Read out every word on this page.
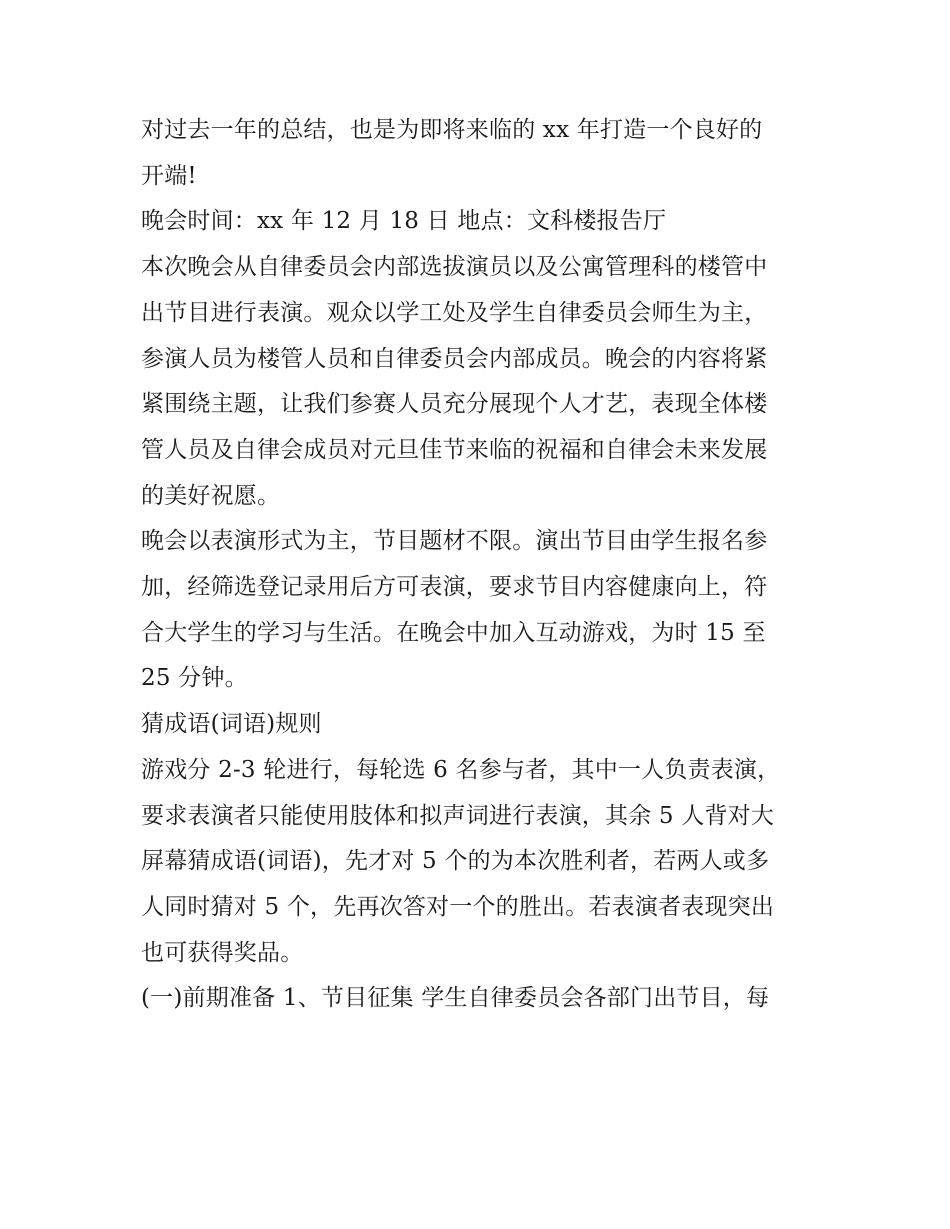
对过去一年的总结，也是为即将来临的 xx 年打造一个良好的

开端!

晚会时间：xx 年 12 月 18 日 地点：文科楼报告厅

本次晚会从自律委员会内部选拔演员以及公寓管理科的楼管中

出节目进行表演。观众以学工处及学生自律委员会师生为主，

参演人员为楼管人员和自律委员会内部成员。晚会的内容将紧

紧围绕主题，让我们参赛人员充分展现个人才艺，表现全体楼

管人员及自律会成员对元旦佳节来临的祝福和自律会未来发展

的美好祝愿。

晚会以表演形式为主，节目题材不限。演出节目由学生报名参

加，经筛选登记录用后方可表演，要求节目内容健康向上，符

合大学生的学习与生活。在晚会中加入互动游戏，为时 15 至

25 分钟。

猜成语(词语)规则

游戏分 2-3 轮进行，每轮选 6 名参与者，其中一人负责表演，

要求表演者只能使用肢体和拟声词进行表演，其余 5 人背对大

屏幕猜成语(词语)，先才对 5 个的为本次胜利者，若两人或多

人同时猜对 5 个，先再次答对一个的胜出。若表演者表现突出

也可获得奖品。

(一)前期准备 1、节目征集 学生自律委员会各部门出节目，每
